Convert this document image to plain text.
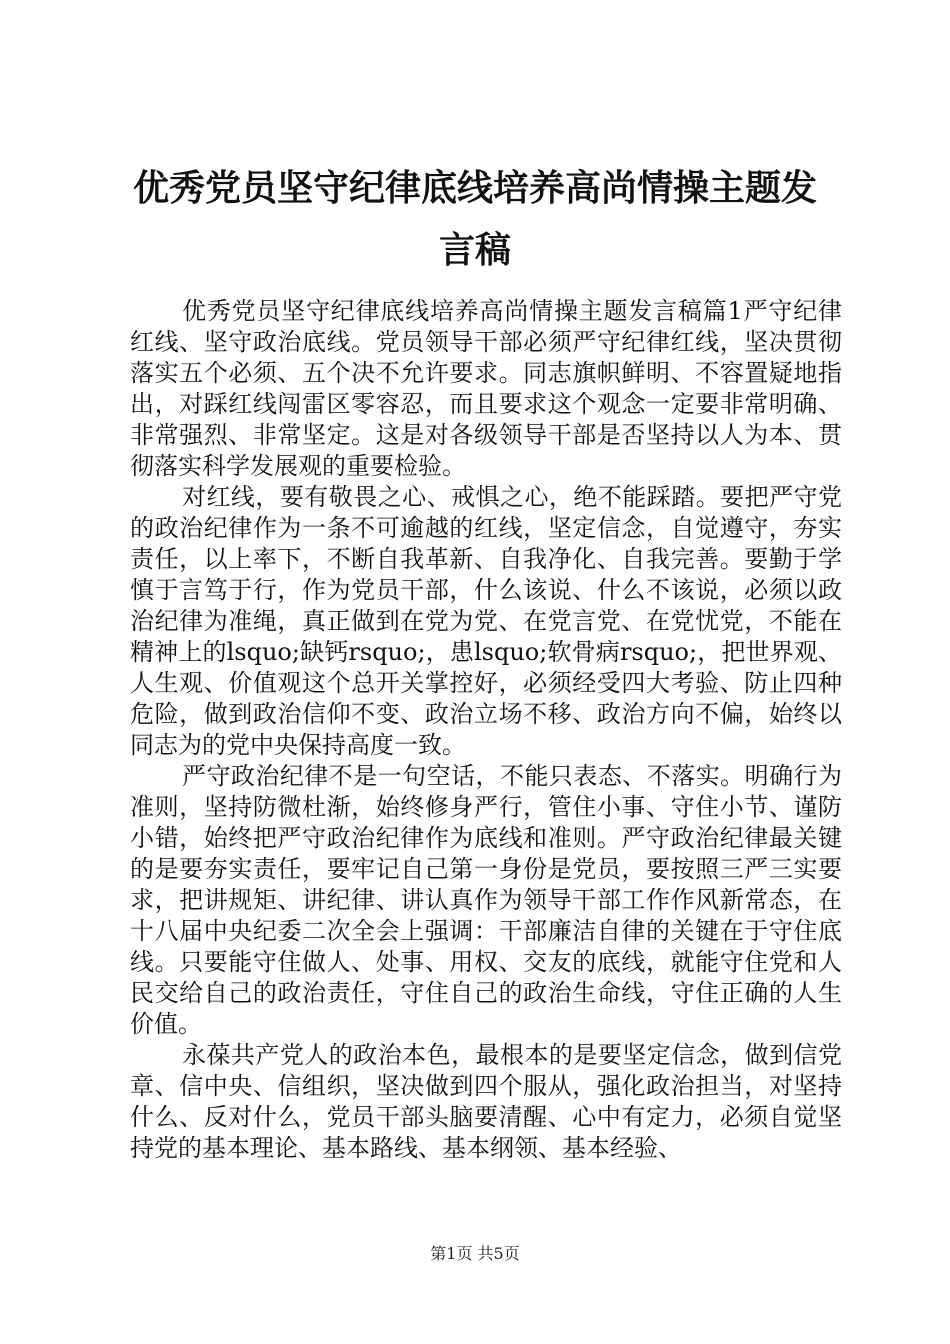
优秀党员坚守纪律底线培养高尚情操主题发言稿

优秀党员坚守纪律底线培养高尚情操主题发言稿篇1严守纪律红线、坚守政治底线。党员领导干部必须严守纪律红线，坚决贯彻落实五个必须、五个决不允许要求。同志旗帜鲜明、不容置疑地指出，对踩红线闯雷区零容忍，而且要求这个观念一定要非常明确、非常强烈、非常坚定。这是对各级领导干部是否坚持以人为本、贯彻落实科学发展观的重要检验。

对红线，要有敬畏之心、戒惧之心，绝不能踩踏。要把严守党的政治纪律作为一条不可逾越的红线，坚定信念，自觉遵守，夯实责任，以上率下，不断自我革新、自我净化、自我完善。要勤于学慎于言笃于行，作为党员干部，什么该说、什么不该说，必须以政治纪律为准绳，真正做到在党为党、在党言党、在党忧党，不能在精神上的lsquo;缺钙rsquo;，患lsquo;软骨病rsquo;，把世界观、人生观、价值观这个总开关掌控好，必须经受四大考验、防止四种危险，做到政治信仰不变、政治立场不移、政治方向不偏，始终以同志为的党中央保持高度一致。

严守政治纪律不是一句空话，不能只表态、不落实。明确行为准则，坚持防微杜渐，始终修身严行，管住小事、守住小节、谨防小错，始终把严守政治纪律作为底线和准则。严守政治纪律最关键的是要夯实责任，要牢记自己第一身份是党员，要按照三严三实要求，把讲规矩、讲纪律、讲认真作为领导干部工作作风新常态，在十八届中央纪委二次全会上强调：干部廉洁自律的关键在于守住底线。只要能守住做人、处事、用权、交友的底线，就能守住党和人民交给自己的政治责任，守住自己的政治生命线，守住正确的人生价值。

永葆共产党人的政治本色，最根本的是要坚定信念，做到信党章、信中央、信组织，坚决做到四个服从，强化政治担当，对坚持什么、反对什么，党员干部头脑要清醒、心中有定力，必须自觉坚持党的基本理论、基本路线、基本纲领、基本经验、

第1页 共5页
